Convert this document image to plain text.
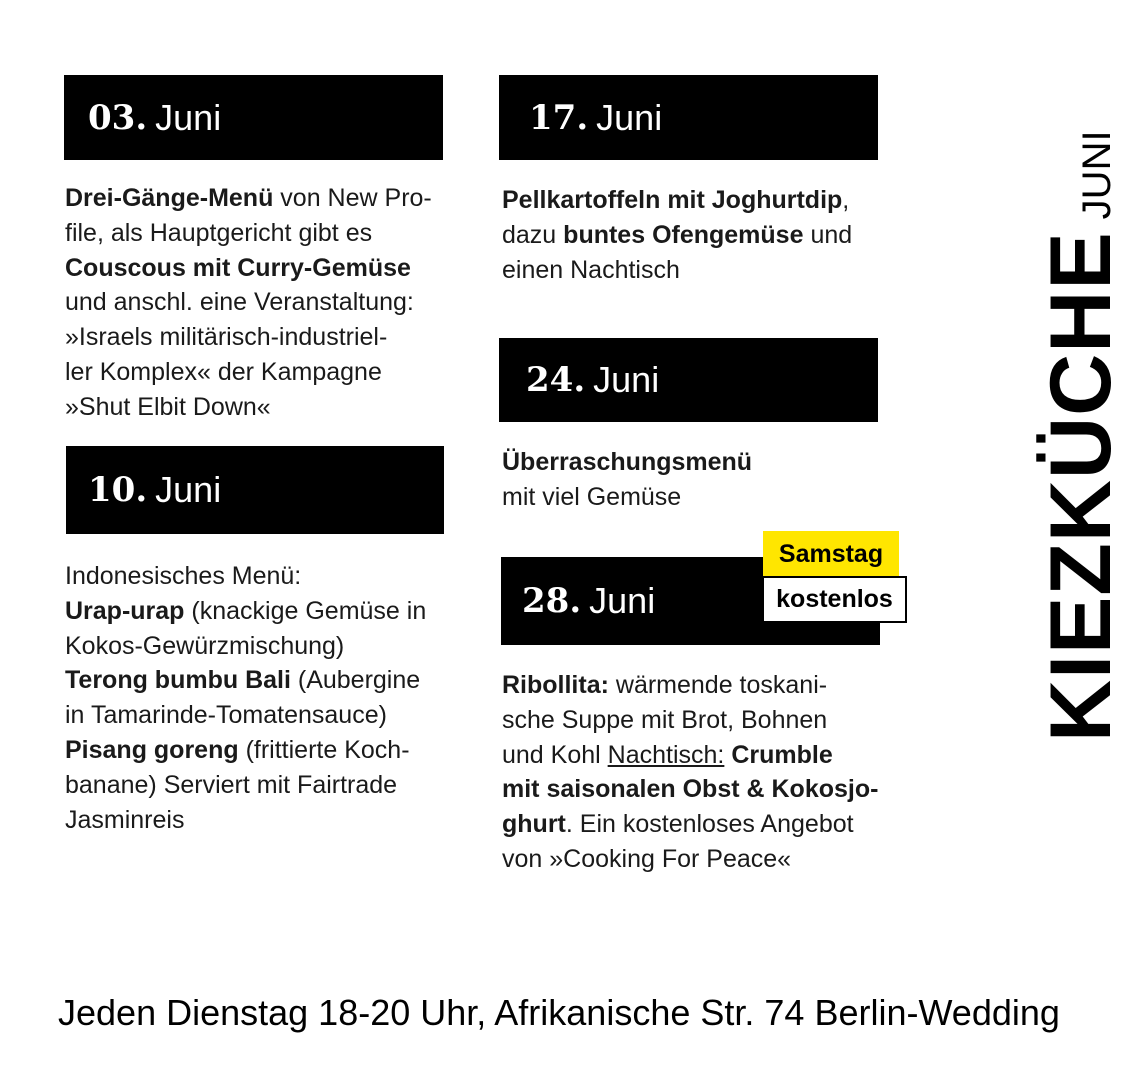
03. Juni
10. Juni
17. Juni
24. Juni
28. Juni
Samstag
kostenlos

Drei-Gänge-Menü von New Pro-

file, als Hauptgericht gibt es

Couscous mit Curry-Gemüse

und anschl. eine Veranstaltung:

»Israels militärisch-industriel-

ler Komplex« der Kampagne

»Shut Elbit Down«

Indonesisches Menü:

Urap-urap (knackige Gemüse in

Kokos-Gewürzmischung)

Terong bumbu Bali (Aubergine

in Tamarinde-Tomatensauce)

Pisang goreng (frittierte Koch-

banane) Serviert mit Fairtrade

Jasminreis

Pellkartoffeln mit Joghurtdip,

dazu buntes Ofengemüse und

einen Nachtisch

Überraschungsmenü

mit viel Gemüse

Ribollita: wärmende toskani-

sche Suppe mit Brot, Bohnen

und Kohl Nachtisch: Crumble

mit saisonalen Obst & Kokosjo-

ghurt. Ein kostenloses Angebot

von »Cooking For Peace«

KIEZKÜCHE
JUNI
Jeden Dienstag 18-20 Uhr, Afrikanische Str. 74 Berlin-Wedding
